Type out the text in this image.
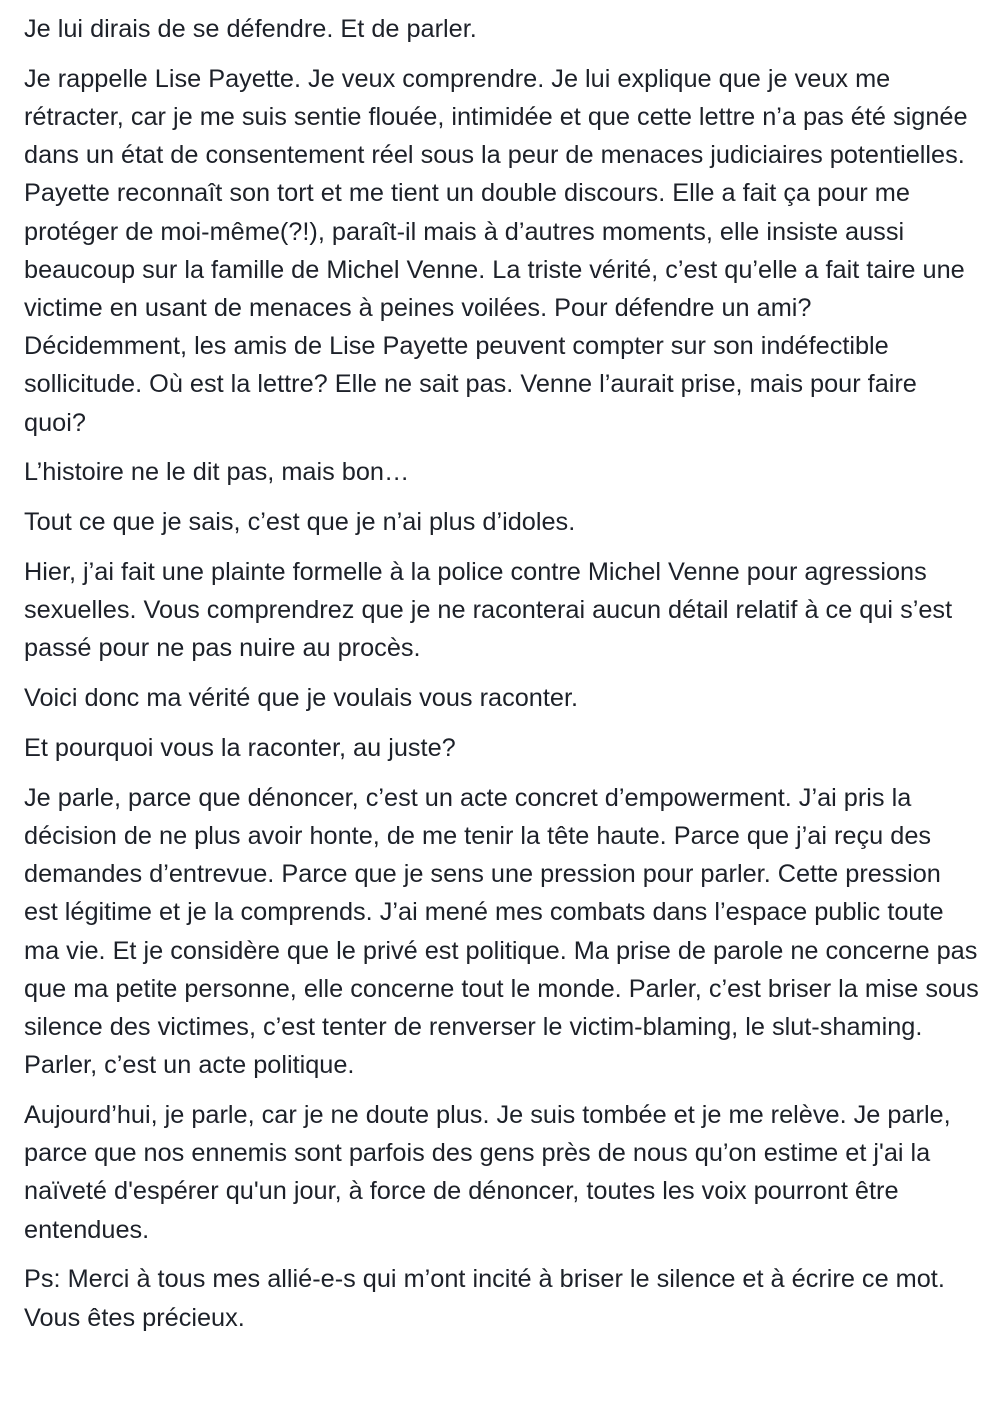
Je lui dirais de se défendre. Et de parler.

Je rappelle Lise Payette. Je veux comprendre. Je lui explique que je veux me rétracter, car je me suis sentie flouée, intimidée et que cette lettre n’a pas été signée dans un état de consentement réel sous la peur de menaces judiciaires potentielles. Payette reconnaît son tort et me tient un double discours. Elle a fait ça pour me protéger de moi-même(?!), paraît-il mais à d’autres moments, elle insiste aussi beaucoup sur la famille de Michel Venne. La triste vérité, c’est qu’elle a fait taire une victime en usant de menaces à peines voilées. Pour défendre un ami? Décidemment, les amis de Lise Payette peuvent compter sur son indéfectible sollicitude. Où est la lettre? Elle ne sait pas. Venne l’aurait prise, mais pour faire quoi?

L’histoire ne le dit pas, mais bon…

Tout ce que je sais, c’est que je n’ai plus d’idoles.

Hier, j’ai fait une plainte formelle à la police contre Michel Venne pour agressions sexuelles. Vous comprendrez que je ne raconterai aucun détail relatif à ce qui s’est passé pour ne pas nuire au procès.

Voici donc ma vérité que je voulais vous raconter.

Et pourquoi vous la raconter, au juste?

Je parle, parce que dénoncer, c’est un acte concret d’empowerment. J’ai pris la décision de ne plus avoir honte, de me tenir la tête haute. Parce que j’ai reçu des demandes d’entrevue. Parce que je sens une pression pour parler. Cette pression est légitime et je la comprends. J’ai mené mes combats dans l’espace public toute ma vie. Et je considère que le privé est politique. Ma prise de parole ne concerne pas que ma petite personne, elle concerne tout le monde. Parler, c’est briser la mise sous silence des victimes, c’est tenter de renverser le victim-blaming, le slut-shaming. Parler, c’est un acte politique.

Aujourd’hui, je parle, car je ne doute plus. Je suis tombée et je me relève. Je parle, parce que nos ennemis sont parfois des gens près de nous qu’on estime et j'ai la naïveté d'espérer qu'un jour, à force de dénoncer, toutes les voix pourront être entendues.

Ps: Merci à tous mes allié-e-s qui m’ont incité à briser le silence et à écrire ce mot. Vous êtes précieux.
